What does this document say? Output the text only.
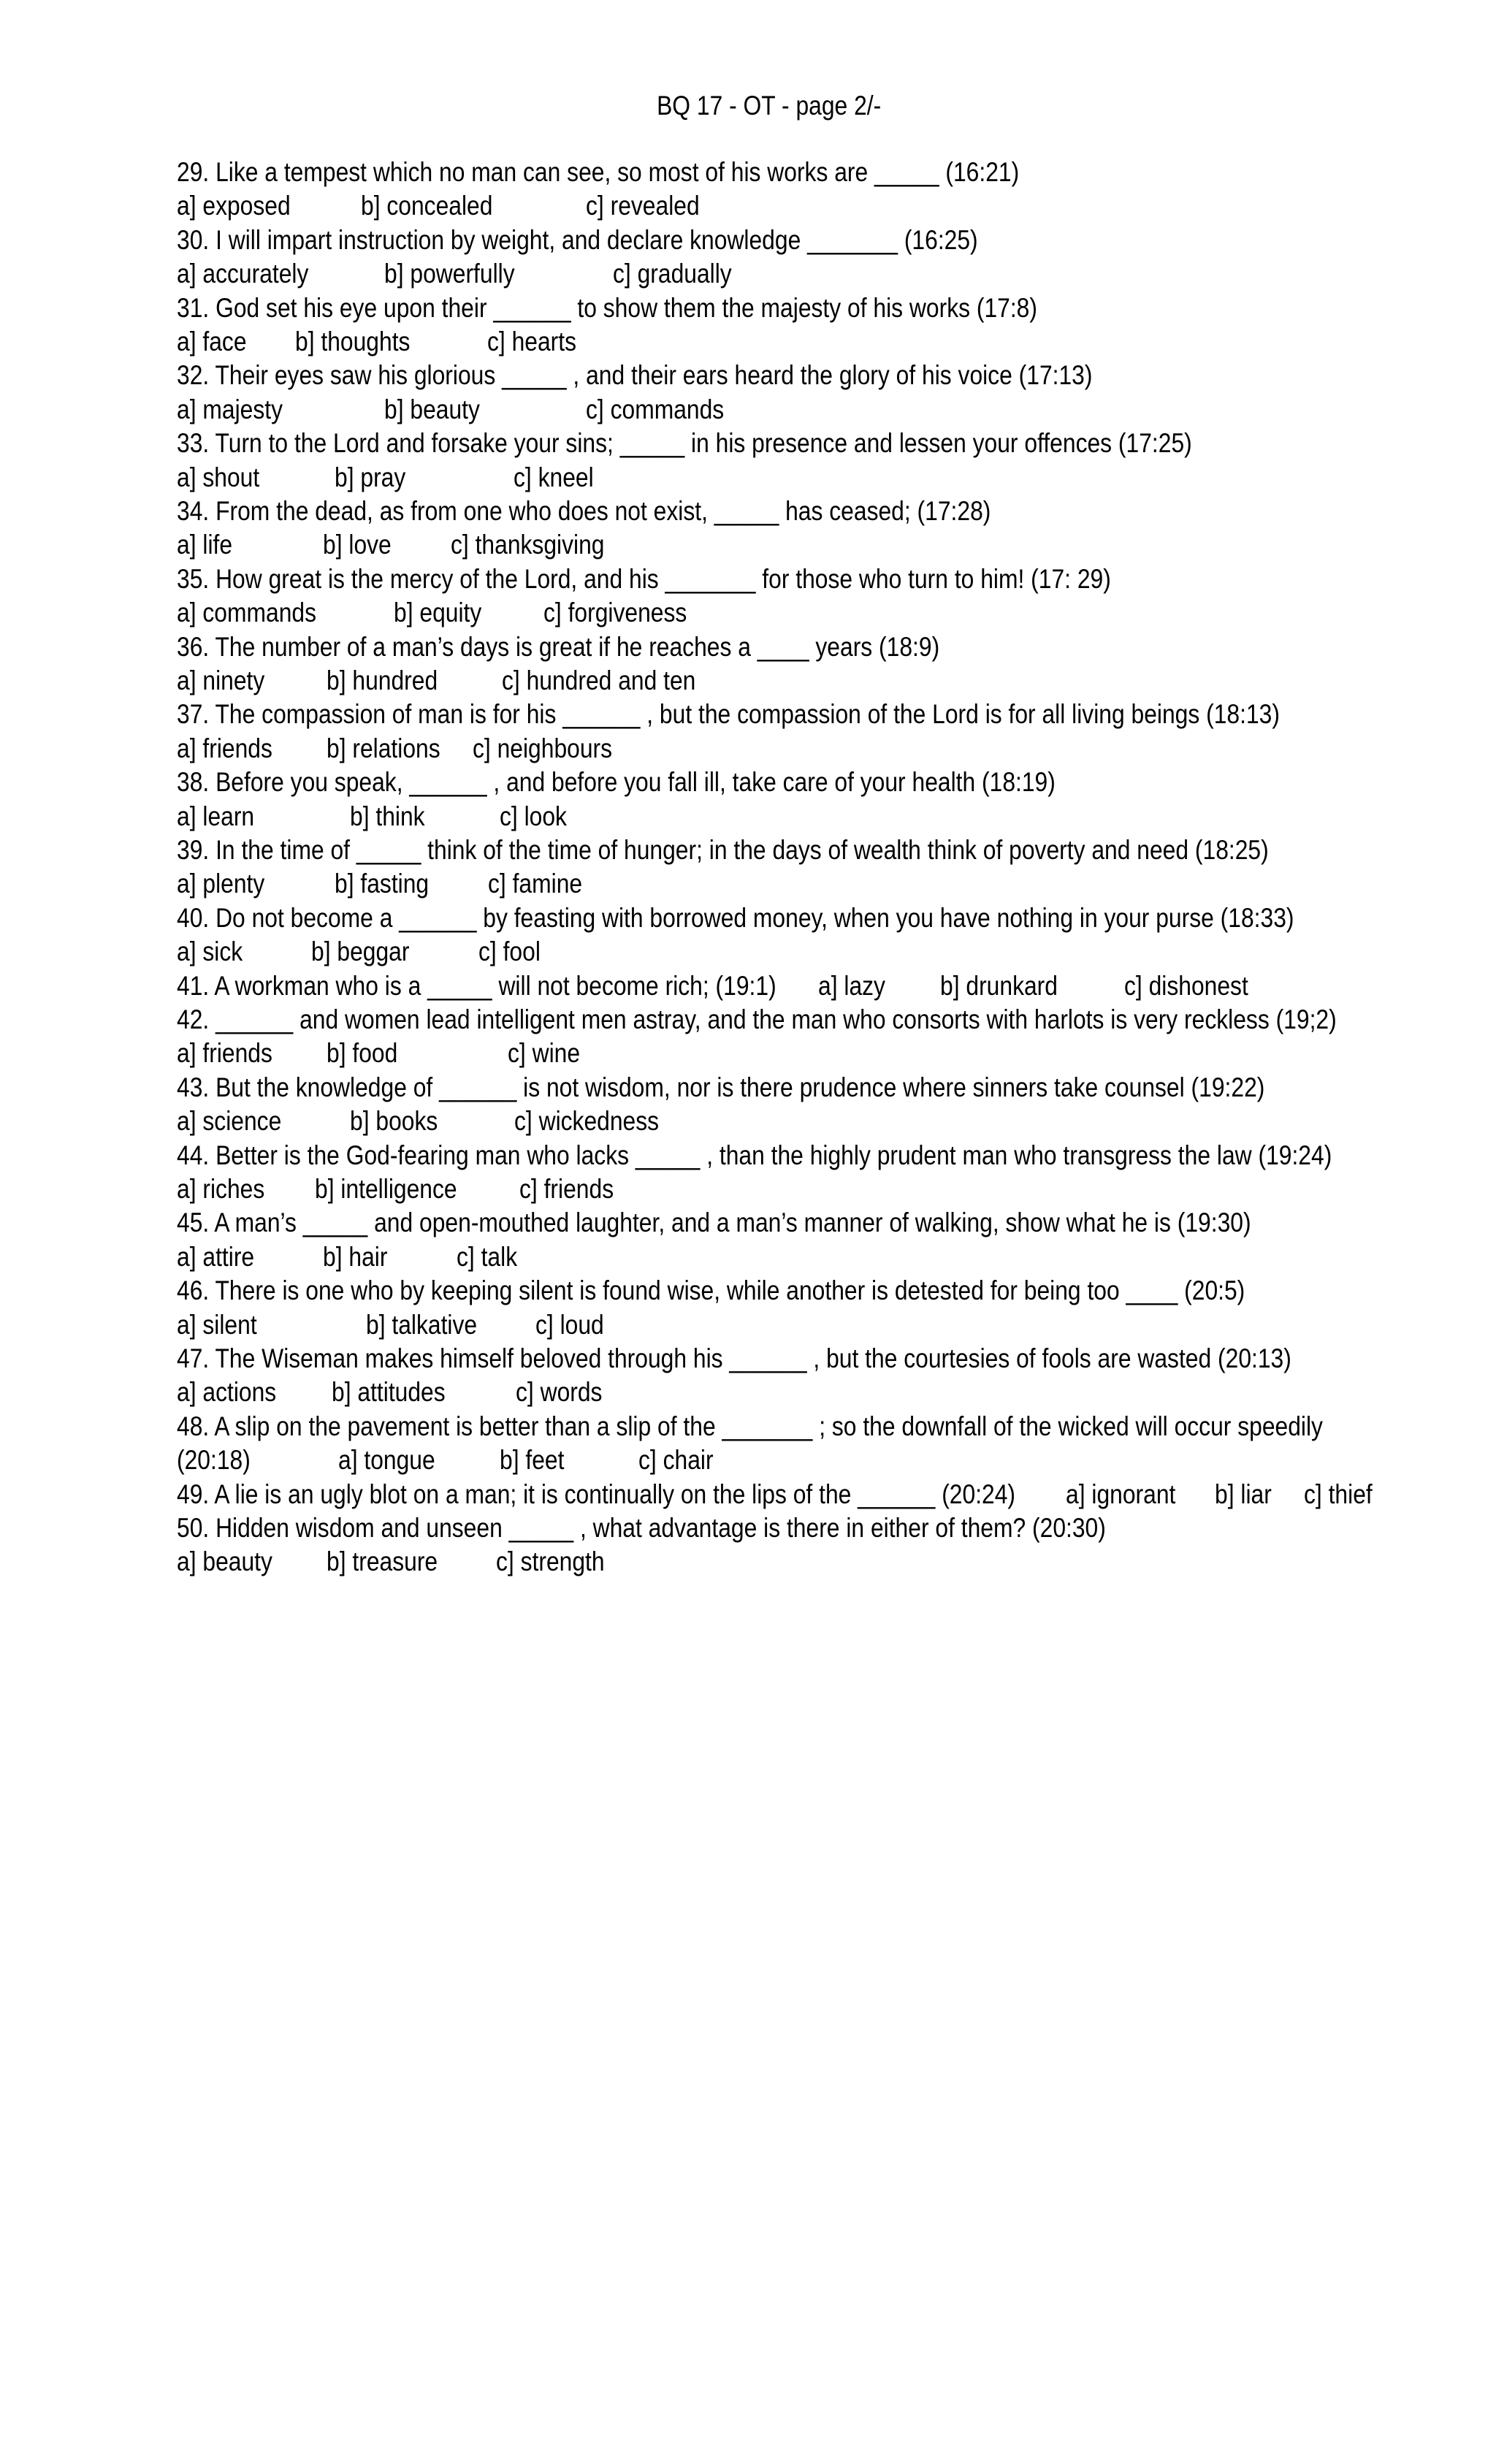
BQ 17 - OT - page 2/-
29. Like a tempest which no man can see, so most of his works are _____ (16:21)
a] exposed	b] concealed	c] revealed
30. I will impart instruction by weight, and declare knowledge _______ (16:25)
a] accurately	b] powerfully	c] gradually
31. God set his eye upon their ______ to show them the majesty of his works (17:8)
a] face b] thoughts	c] hearts
32. Their eyes saw his glorious _____ , and their ears heard the glory of his voice (17:13)
a] majesty	b] beauty	c] commands
33. Turn to the Lord and forsake your sins; _____ in his presence and lessen your offences (17:25)
a] shout	b] pray	c] kneel
34. From the dead, as from one who does not exist, _____ has ceased; (17:28)
a] life	b] love c] thanksgiving
35. How great is the mercy of the Lord, and his _______ for those who turn to him! (17: 29)
a] commands	b] equity c] forgiveness
36. The number of a man’s days is great if he reaches a ____ years (18:9)
a] ninety b] hundred c] hundred and ten
37. The compassion of man is for his ______ , but the compassion of the Lord is for all living beings (18:13)
a] friends b] relations c] neighbours
38. Before you speak, ______ , and before you fall ill, take care of your health (18:19)
a] learn	b] think	c] look
39. In the time of _____ think of the time of hunger; in the days of wealth think of poverty and need (18:25)
a] plenty	b] fasting c] famine
40. Do not become a ______ by feasting with borrowed money, when you have nothing in your purse (18:33)
a] sick	b] beggar	c] fool
41. A workman who is a _____ will not become rich; (19:1) a] lazy b] drunkard c] dishonest
42. ______ and women lead intelligent men astray, and the man who consorts with harlots is very reckless (19;2)
a] friends b] food	c] wine
43. But the knowledge of ______ is not wisdom, nor is there prudence where sinners take counsel (19:22)
a] science	b] books	c] wickedness
44. Better is the God-fearing man who lacks _____ , than the highly prudent man who transgress the law (19:24)
a] riches b] intelligence c] friends
45. A man’s _____ and open-mouthed laughter, and a man’s manner of walking, show what he is (19:30)
a] attire	b] hair	c] talk
46. There is one who by keeping silent is found wise, while another is detested for being too ____ (20:5)
a] silent	b] talkative c] loud
47. The Wiseman makes himself beloved through his ______ , but the courtesies of fools are wasted (20:13)
a] actions b] attitudes	c] words
48. A slip on the pavement is better than a slip of the _______ ; so the downfall of the wicked will occur speedily
(20:18)	a] tongue b] feet	c] chair
49. A lie is an ugly blot on a man; it is continually on the lips of the ______ (20:24) a] ignorant b] liar c] thief
50. Hidden wisdom and unseen _____ , what advantage is there in either of them? (20:30)
a] beauty b] treasure c] strength
